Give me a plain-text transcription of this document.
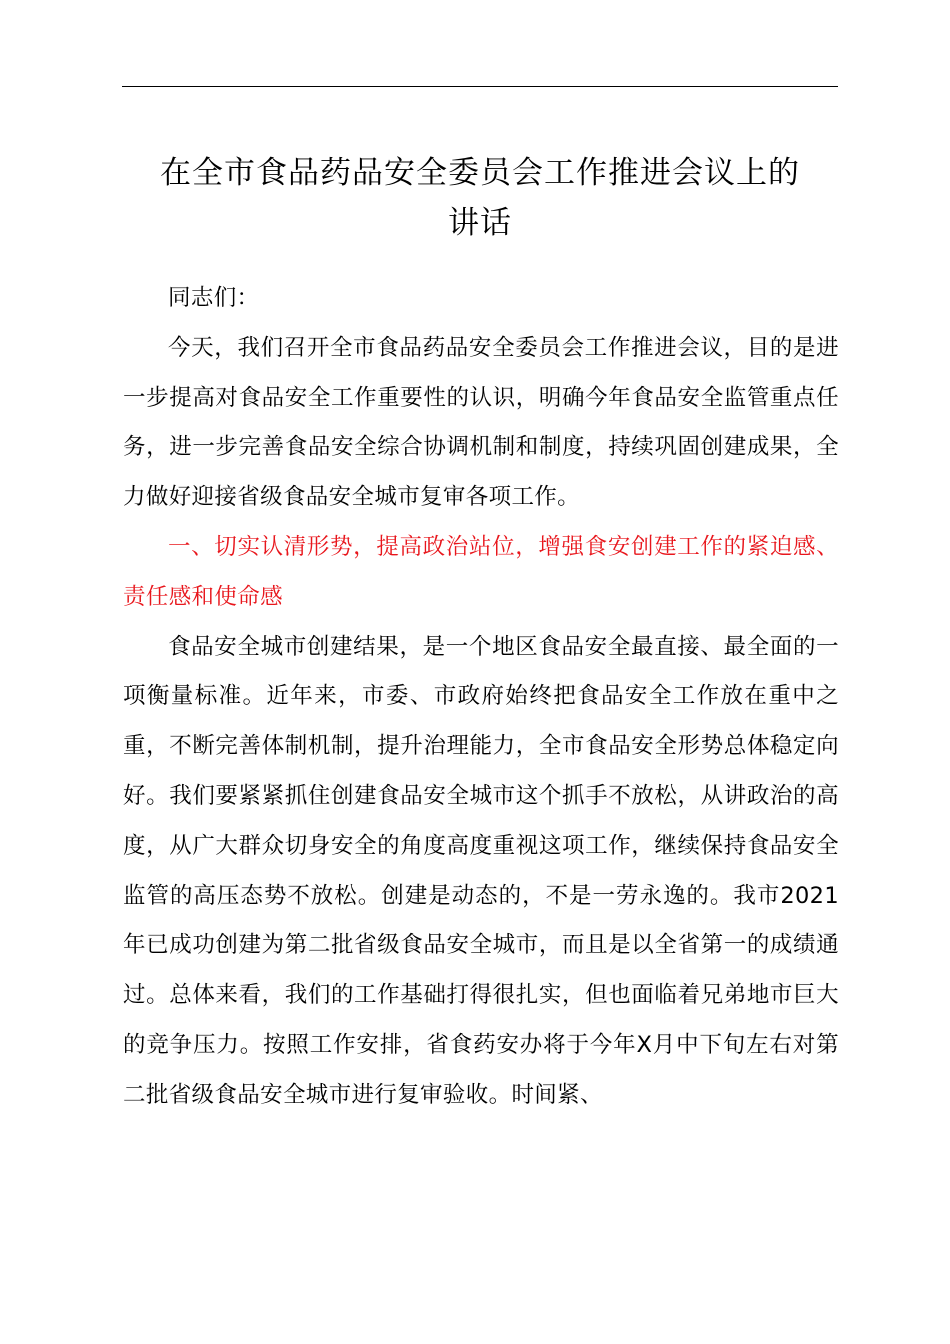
在全市食品药品安全委员会工作推进会议上的
讲话

同志们：

今天，我们召开全市食品药品安全委员会工作推进会议，目的是进一步提高对食品安全工作重要性的认识，明确今年食品安全监管重点任务，进一步完善食品安全综合协调机制和制度，持续巩固创建成果，全力做好迎接省级食品安全城市复审各项工作。

一、切实认清形势，提高政治站位，增强食安创建工作的紧迫感、责任感和使命感

食品安全城市创建结果，是一个地区食品安全最直接、最全面的一项衡量标准。近年来，市委、市政府始终把食品安全工作放在重中之重，不断完善体制机制，提升治理能力，全市食品安全形势总体稳定向好。我们要紧紧抓住创建食品安全城市这个抓手不放松，从讲政治的高度，从广大群众切身安全的角度高度重视这项工作，继续保持食品安全监管的高压态势不放松。创建是动态的，不是一劳永逸的。我市2021年已成功创建为第二批省级食品安全城市，而且是以全省第一的成绩通过。总体来看，我们的工作基础打得很扎实，但也面临着兄弟地市巨大的竞争压力。按照工作安排，省食药安办将于今年X月中下旬左右对第二批省级食品安全城市进行复审验收。时间紧、
